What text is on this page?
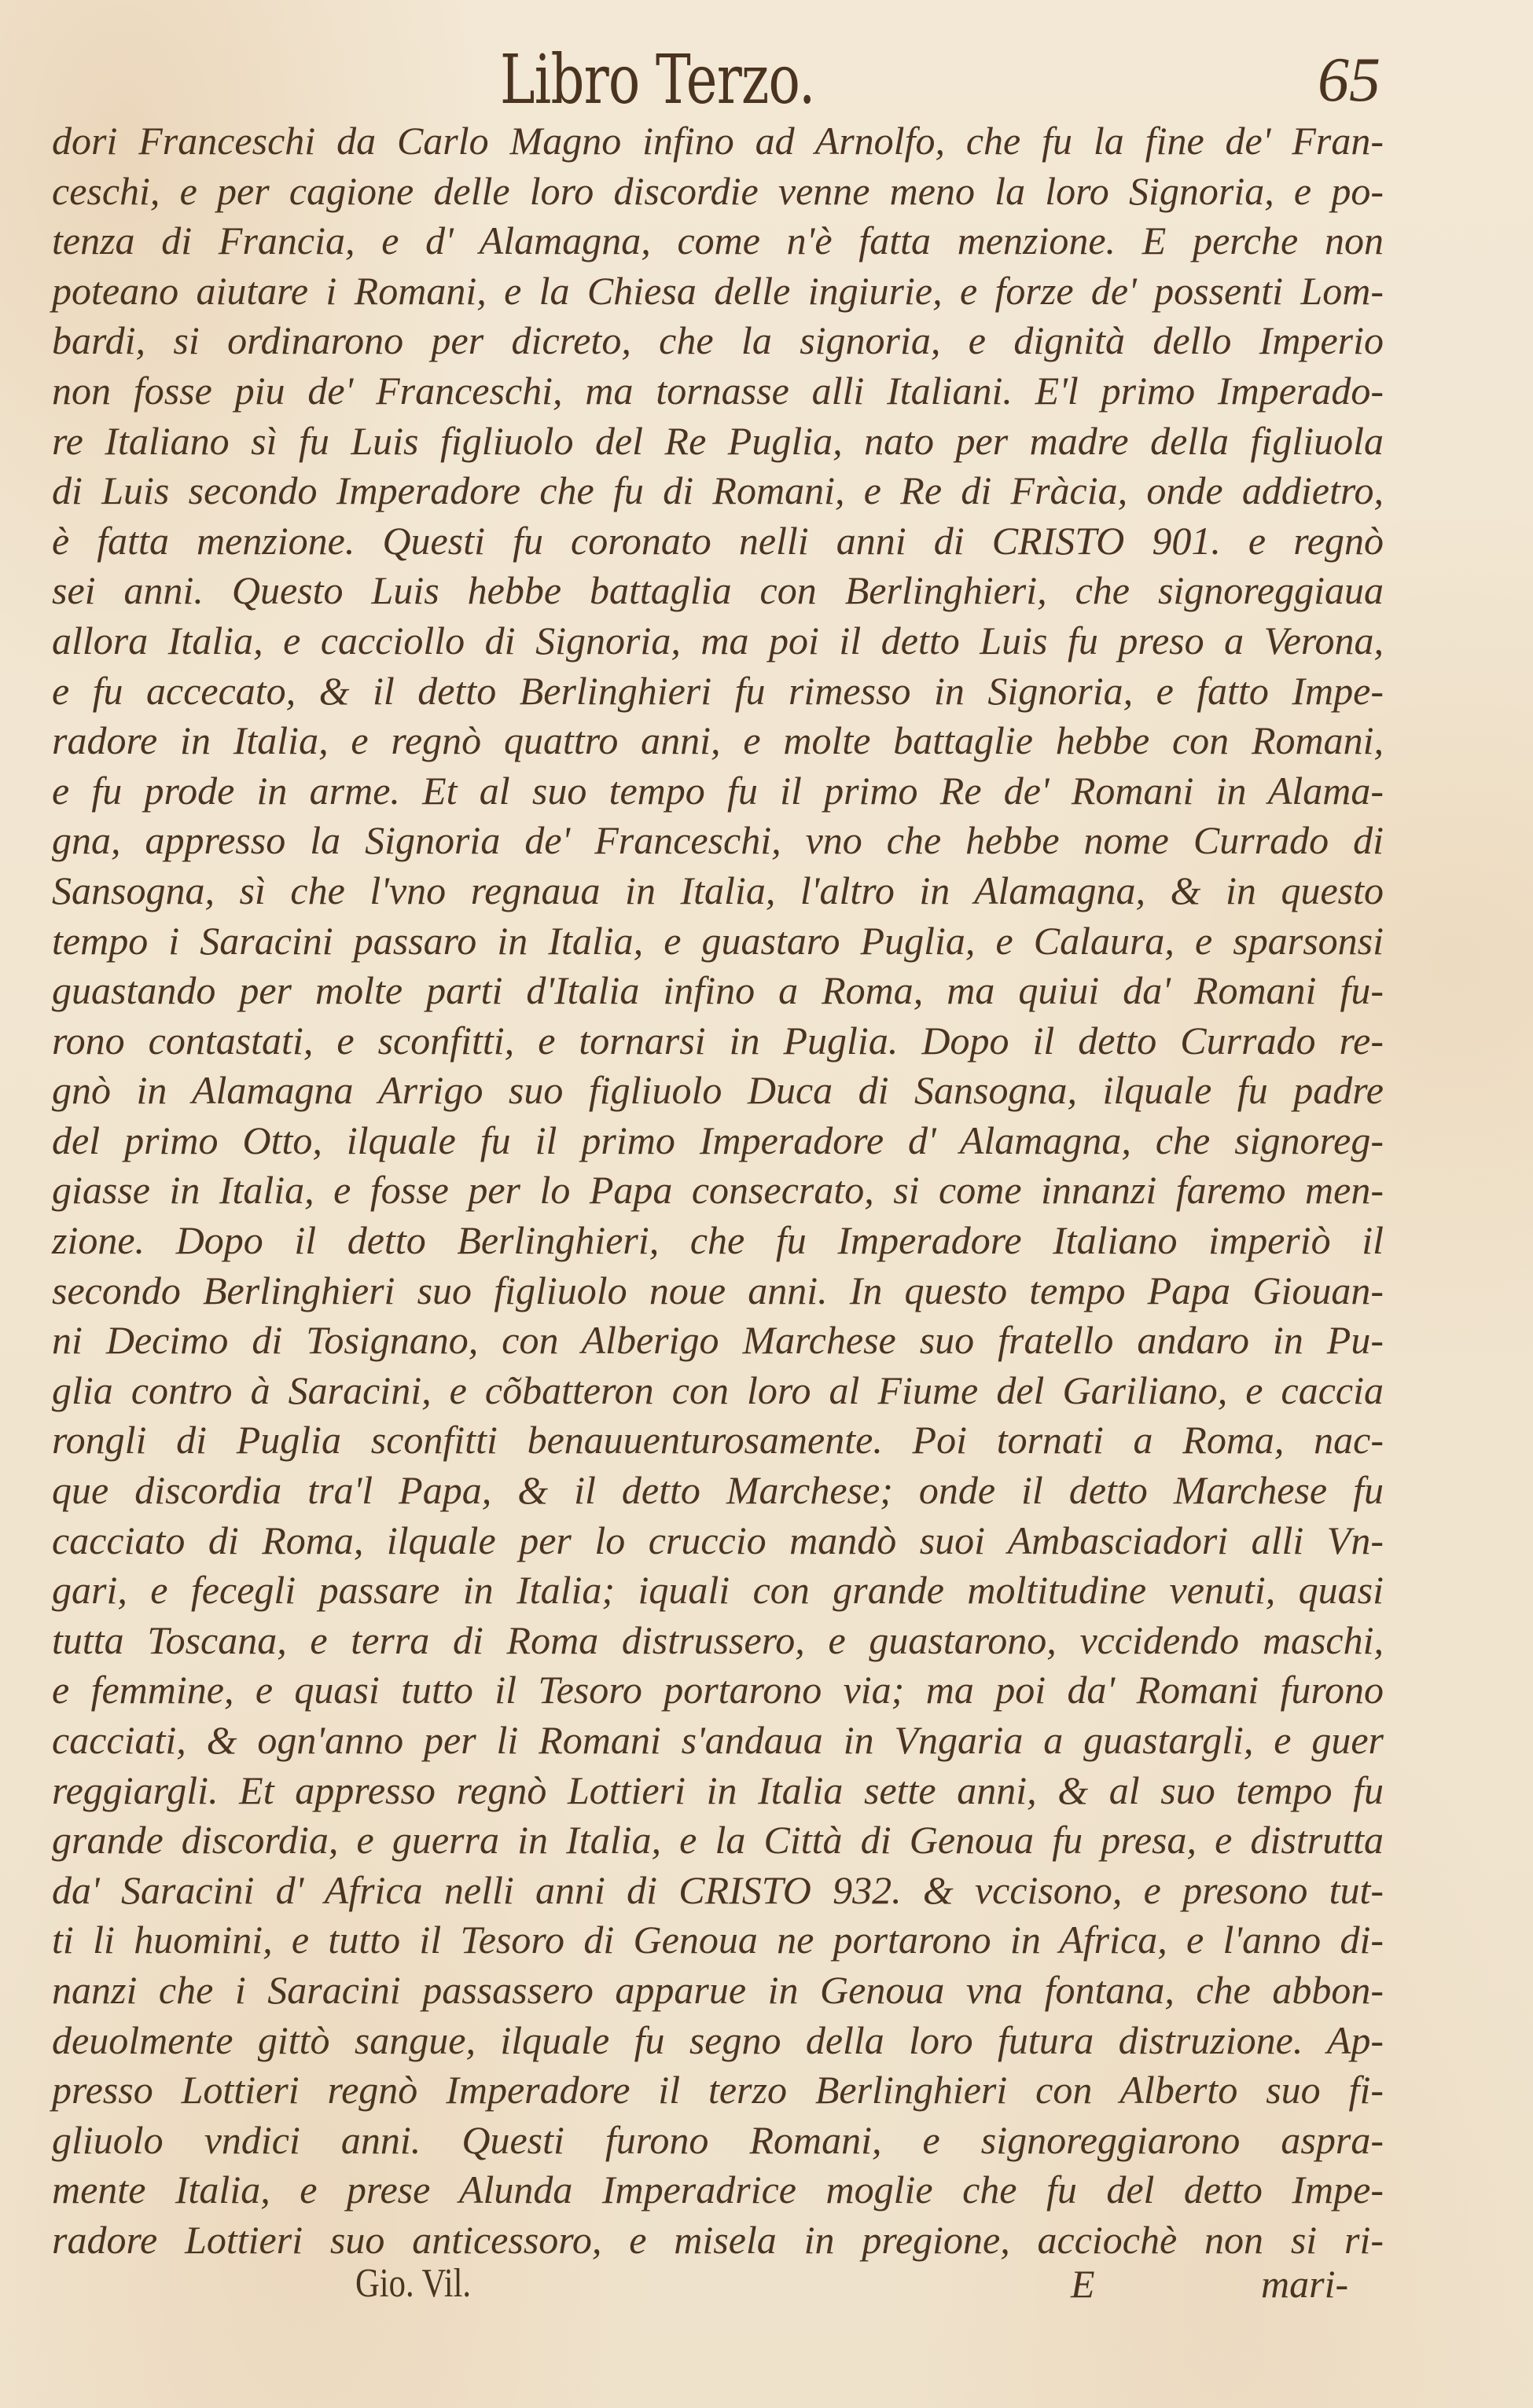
Libro Terzo.	65
dori Franceschi da Carlo Magno infino ad Arnolfo, che fu la fine de' Fran-
ceschi, e per cagione delle loro discordie venne meno la loro Signoria, e po-
tenza di Francia, e d' Alamagna, come n'è fatta menzione. E perche non
poteano aiutare i Romani, e la Chiesa delle ingiurie, e forze de' possenti Lom-
bardi, si ordinarono per dicreto, che la signoria, e dignità dello Imperio
non fosse piu de' Franceschi, ma tornasse alli Italiani. E'l primo Imperado-
re Italiano sì fu Luis figliuolo del Re Puglia, nato per madre della figliuola
di Luis secondo Imperadore che fu di Romani, e Re di Fràcia, onde addietro,
è fatta menzione. Questi fu coronato nelli anni di CRISTO 901. e regnò
sei anni. Questo Luis hebbe battaglia con Berlinghieri, che signoreggiaua
allora Italia, e cacciollo di Signoria, ma poi il detto Luis fu preso a Verona,
e fu accecato, & il detto Berlinghieri fu rimesso in Signoria, e fatto Impe-
radore in Italia, e regnò quattro anni, e molte battaglie hebbe con Romani,
e fu prode in arme. Et al suo tempo fu il primo Re de' Romani in Alama-
gna, appresso la Signoria de' Franceschi, vno che hebbe nome Currado di
Sansogna, sì che l'vno regnaua in Italia, l'altro in Alamagna, & in questo
tempo i Saracini passaro in Italia, e guastaro Puglia, e Calaura, e sparsonsi
guastando per molte parti d'Italia infino a Roma, ma quiui da' Romani fu-
rono contastati, e sconfitti, e tornarsi in Puglia. Dopo il detto Currado re-
gnò in Alamagna Arrigo suo figliuolo Duca di Sansogna, ilquale fu padre
del primo Otto, ilquale fu il primo Imperadore d' Alamagna, che signoreg-
giasse in Italia, e fosse per lo Papa consecrato, si come innanzi faremo men-
zione. Dopo il detto Berlinghieri, che fu Imperadore Italiano imperiò il
secondo Berlinghieri suo figliuolo noue anni. In questo tempo Papa Giouan-
ni Decimo di Tosignano, con Alberigo Marchese suo fratello andaro in Pu-
glia contro à Saracini, e cõbatteron con loro al Fiume del Gariliano, e caccia
rongli di Puglia sconfitti benauuenturosamente. Poi tornati a Roma, nac-
que discordia tra'l Papa, & il detto Marchese; onde il detto Marchese fu
cacciato di Roma, ilquale per lo cruccio mandò suoi Ambasciadori alli Vn-
gari, e fecegli passare in Italia; iquali con grande moltitudine venuti, quasi
tutta Toscana, e terra di Roma distrussero, e guastarono, vccidendo maschi,
e femmine, e quasi tutto il Tesoro portarono via; ma poi da' Romani furono
cacciati, & ogn'anno per li Romani s'andaua in Vngaria a guastargli, e guer
reggiargli. Et appresso regnò Lottieri in Italia sette anni, & al suo tempo fu
grande discordia, e guerra in Italia, e la Città di Genoua fu presa, e distrutta
da' Saracini d' Africa nelli anni di CRISTO 932. & vccisono, e presono tut-
ti li huomini, e tutto il Tesoro di Genoua ne portarono in Africa, e l'anno di-
nanzi che i Saracini passassero apparue in Genoua vna fontana, che abbon-
deuolmente gittò sangue, ilquale fu segno della loro futura distruzione. Ap-
presso Lottieri regnò Imperadore il terzo Berlinghieri con Alberto suo fi-
gliuolo vndici anni. Questi furono Romani, e signoreggiarono aspra-
mente Italia, e prese Alunda Imperadrice moglie che fu del detto Impe-
radore Lottieri suo anticessoro, e misela in pregione, acciochè non si ri-
Gio. Vil.	E	mari-
